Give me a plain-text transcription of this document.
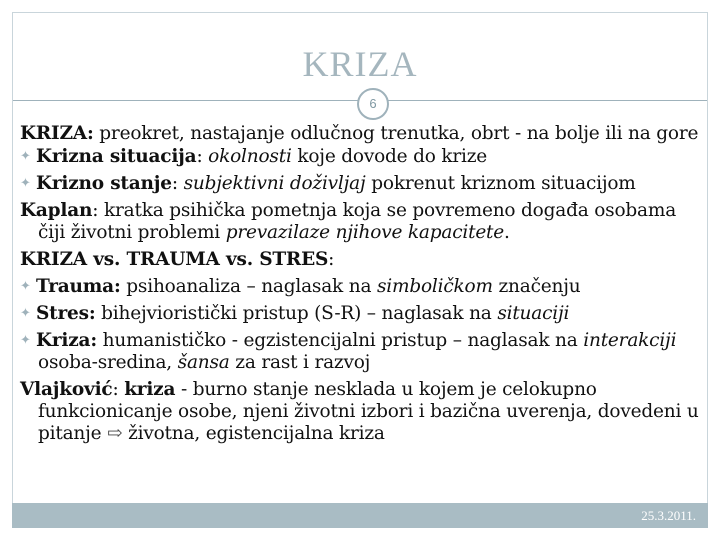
KRIZA
6
KRIZA: preokret, nastajanje odlučnog trenutka, obrt - na bolje ili na gore
✦ Krizna situacija: okolnosti koje dovode do krize
✦ Krizno stanje: subjektivni doživljaj pokrenut kriznom situacijom
Kaplan: kratka psihička pometnja koja se povremeno događa osobama
čiji životni problemi prevazilaze njihove kapacitete.
KRIZA vs. TRAUMA vs. STRES:
✦ Trauma: psihoanaliza – naglasak na simboličkom značenju
✦ Stres: bihejvioristički pristup (S-R) – naglasak na situaciji
✦ Kriza: humanističko - egzistencijalni pristup – naglasak na interakciji
osoba-sredina, šansa za rast i razvoj
Vlajković: kriza - burno stanje nesklada u kojem je celokupno
funkcionicanje osobe, njeni životni izbori i bazična uverenja, dovedeni u
pitanje ⇨ životna, egistencijalna kriza
25.3.2011.
